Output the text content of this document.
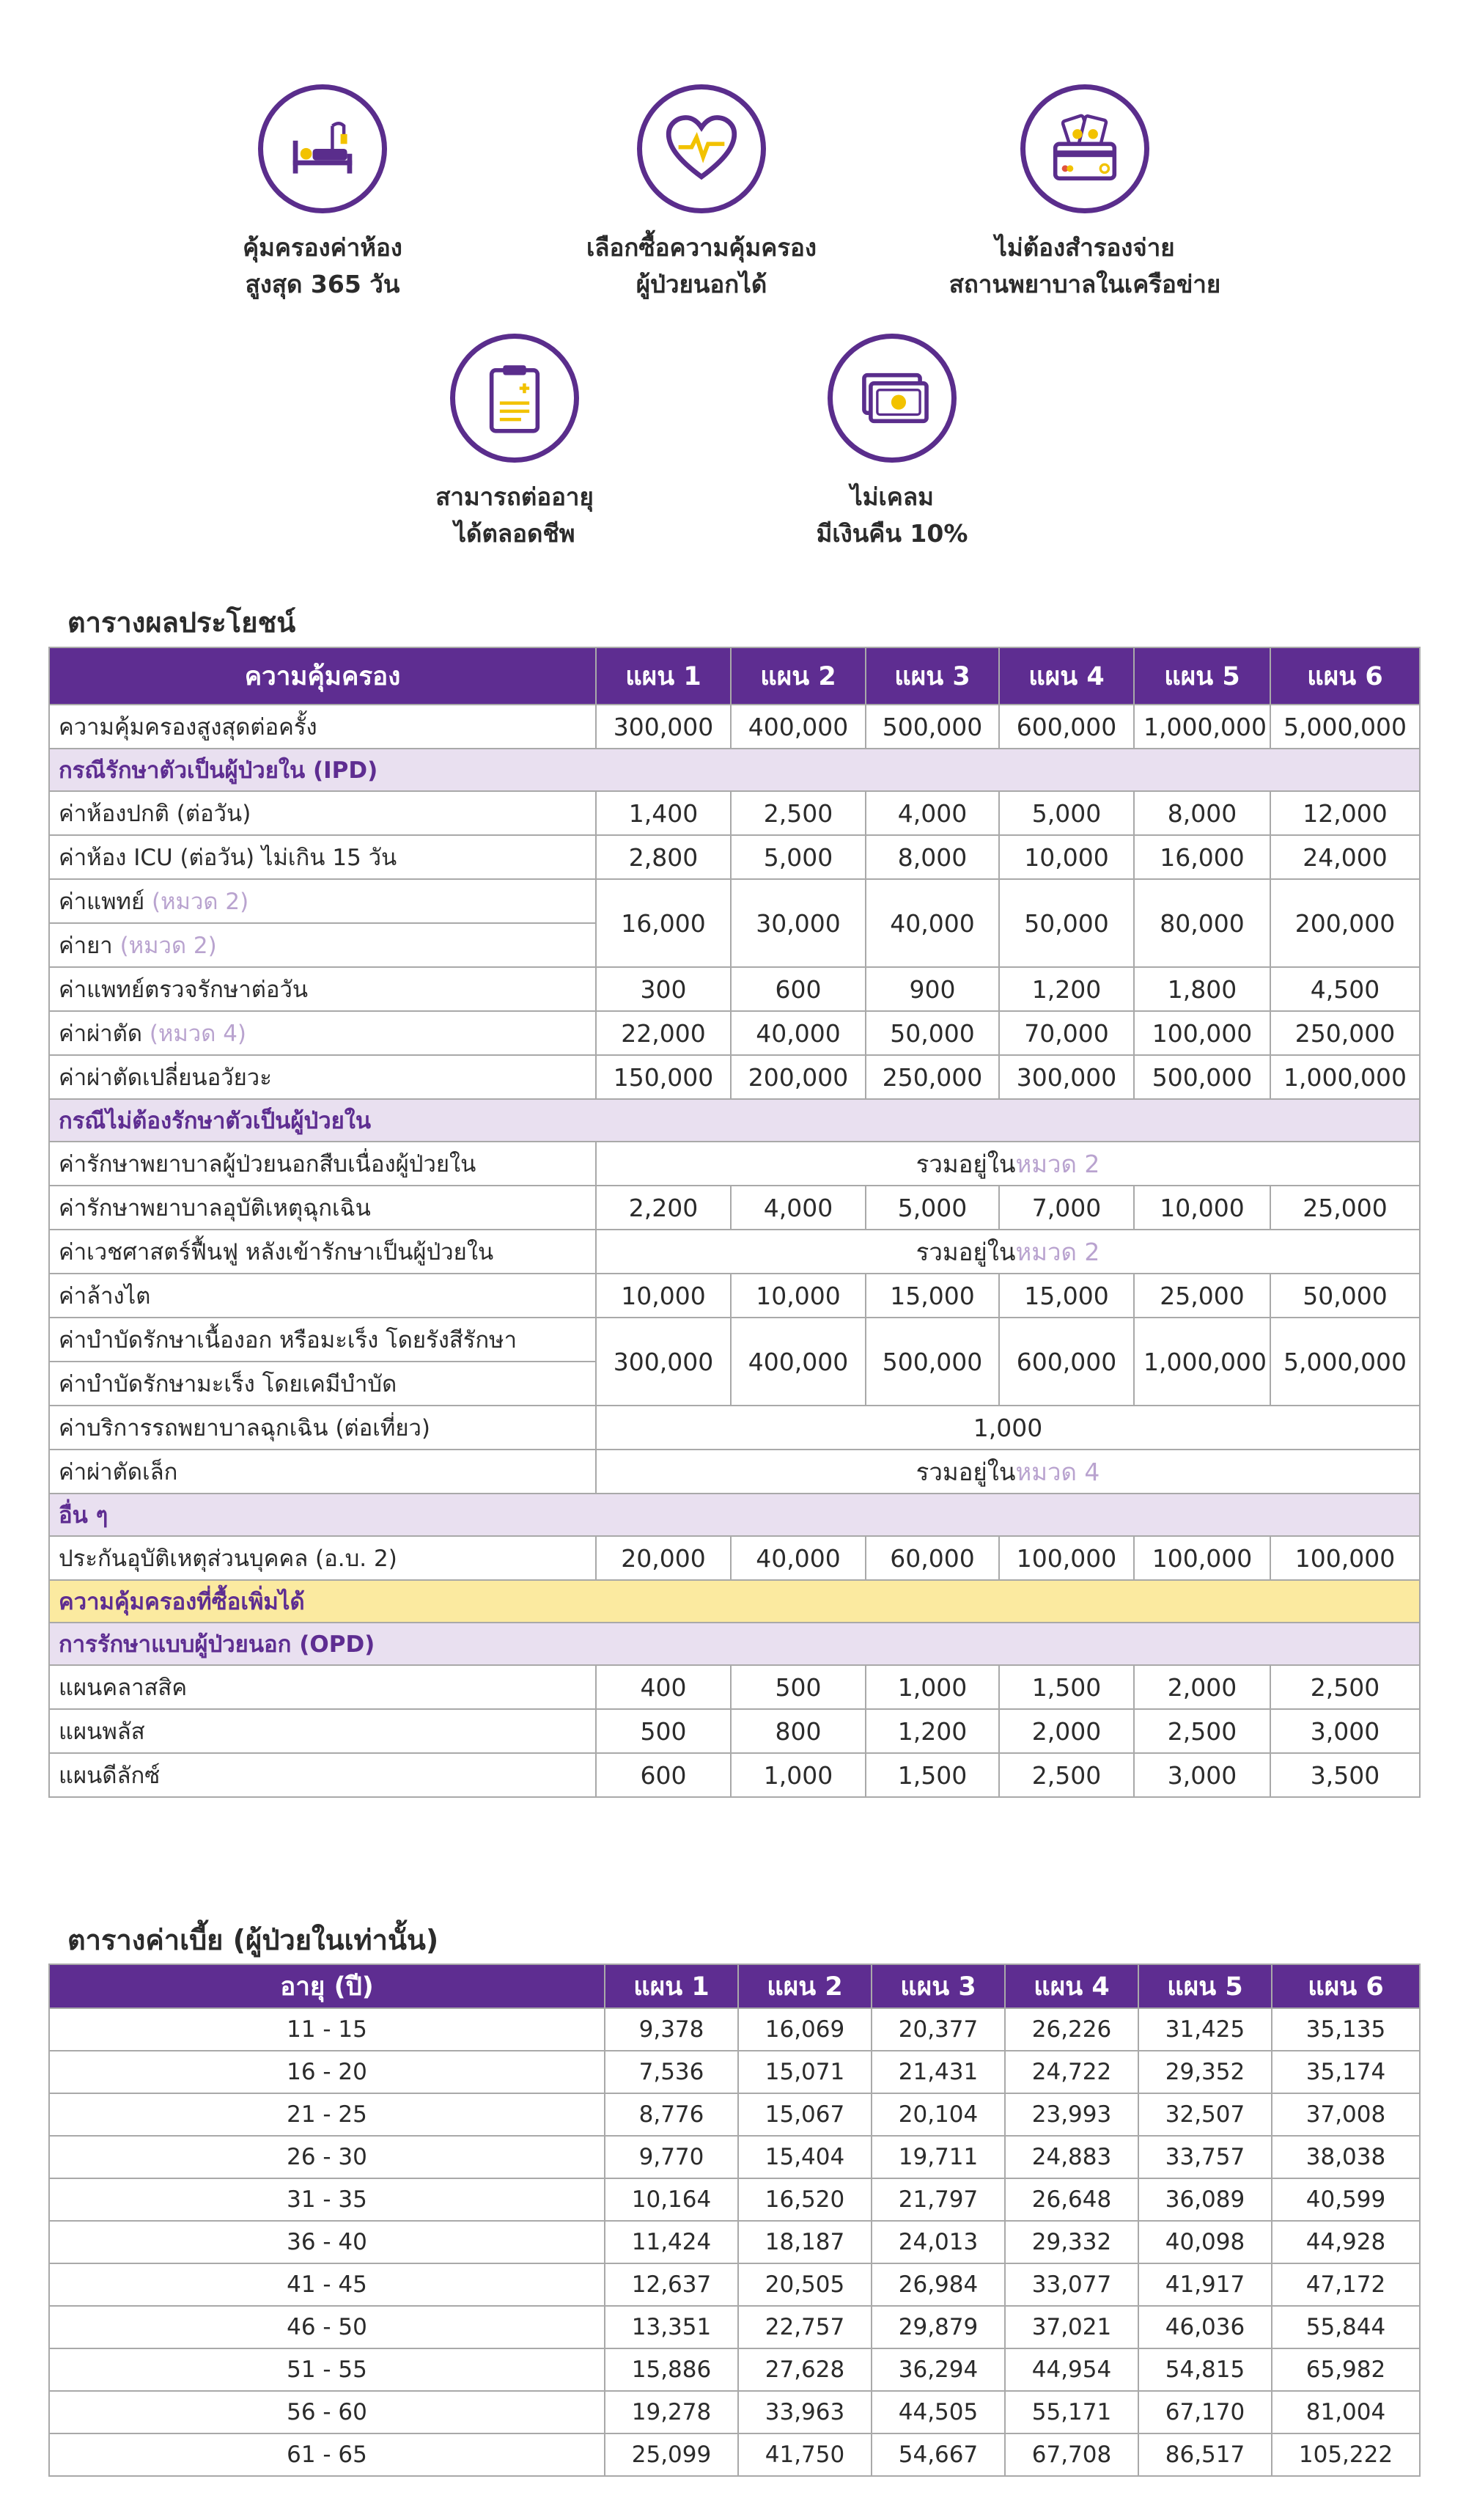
คุ้มครองค่าห้อง
สูงสุด 365 วัน
เลือกซื้อความคุ้มครอง
ผู้ป่วยนอกได้
ไม่ต้องสำรองจ่าย
สถานพยาบาลในเครือข่าย
สามารถต่ออายุ
ได้ตลอดชีพ
ไม่เคลม
มีเงินคืน 10%
ตารางผลประโยชน์
ความคุ้มครอง	แผน 1	แผน 2	แผน 3	แผน 4	แผน 5	แผน 6
ความคุ้มครองสูงสุดต่อครั้ง	300,000	400,000	500,000	600,000	1,000,000	5,000,000
กรณีรักษาตัวเป็นผู้ป่วยใน (IPD)						
ค่าห้องปกติ (ต่อวัน)	1,400	2,500	4,000	5,000	8,000	12,000
ค่าห้อง ICU (ต่อวัน) ไม่เกิน 15 วัน	2,800	5,000	8,000	10,000	16,000	24,000
ค่าแพทย์ (หมวด 2)	16,000	30,000	40,000	50,000	80,000	200,000
ค่ายา (หมวด 2)						
ค่าแพทย์ตรวจรักษาต่อวัน	300	600	900	1,200	1,800	4,500
ค่าผ่าตัด (หมวด 4)	22,000	40,000	50,000	70,000	100,000	250,000
ค่าผ่าตัดเปลี่ยนอวัยวะ	150,000	200,000	250,000	300,000	500,000	1,000,000
กรณีไม่ต้องรักษาตัวเป็นผู้ป่วยใน						
ค่ารักษาพยาบาลผู้ป่วยนอกสืบเนื่องผู้ป่วยใน	รวมอยู่ในหมวด 2					
ค่ารักษาพยาบาลอุบัติเหตุฉุกเฉิน	2,200	4,000	5,000	7,000	10,000	25,000
ค่าเวชศาสตร์ฟื้นฟู หลังเข้ารักษาเป็นผู้ป่วยใน	รวมอยู่ในหมวด 2					
ค่าล้างไต	10,000	10,000	15,000	15,000	25,000	50,000
ค่าบำบัดรักษาเนื้องอก หรือมะเร็ง โดยรังสีรักษา	300,000	400,000	500,000	600,000	1,000,000	5,000,000
ค่าบำบัดรักษามะเร็ง โดยเคมีบำบัด						
ค่าบริการรถพยาบาลฉุกเฉิน (ต่อเที่ยว)	1,000					
ค่าผ่าตัดเล็ก	รวมอยู่ในหมวด 4					
อื่น ๆ						
ประกันอุบัติเหตุส่วนบุคคล (อ.บ. 2)	20,000	40,000	60,000	100,000	100,000	100,000
ความคุ้มครองที่ซื้อเพิ่มได้						
การรักษาแบบผู้ป่วยนอก (OPD)						
แผนคลาสสิค	400	500	1,000	1,500	2,000	2,500
แผนพลัส	500	800	1,200	2,000	2,500	3,000
แผนดีลักซ์	600	1,000	1,500	2,500	3,000	3,500
ตารางค่าเบี้ย (ผู้ป่วยในเท่านั้น)
อายุ (ปี)	แผน 1	แผน 2	แผน 3	แผน 4	แผน 5	แผน 6
11 - 15	9,378	16,069	20,377	26,226	31,425	35,135
16 - 20	7,536	15,071	21,431	24,722	29,352	35,174
21 - 25	8,776	15,067	20,104	23,993	32,507	37,008
26 - 30	9,770	15,404	19,711	24,883	33,757	38,038
31 - 35	10,164	16,520	21,797	26,648	36,089	40,599
36 - 40	11,424	18,187	24,013	29,332	40,098	44,928
41 - 45	12,637	20,505	26,984	33,077	41,917	47,172
46 - 50	13,351	22,757	29,879	37,021	46,036	55,844
51 - 55	15,886	27,628	36,294	44,954	54,815	65,982
56 - 60	19,278	33,963	44,505	55,171	67,170	81,004
61 - 65	25,099	41,750	54,667	67,708	86,517	105,222
